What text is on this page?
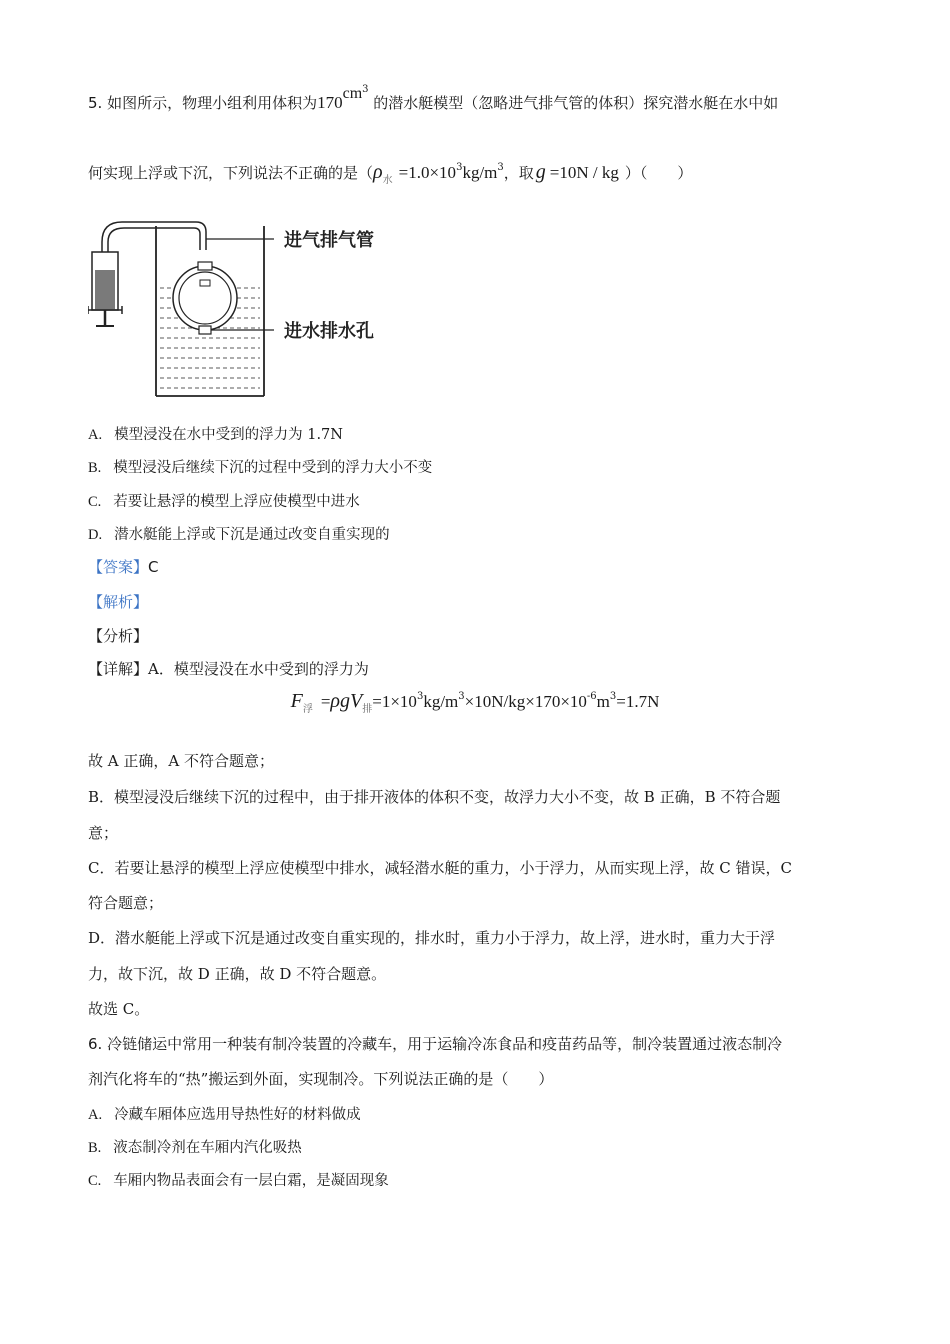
5. 如图所示，物理小组利用体积为$170cm^3$ 的潜水艇模型（忽略进气排气管的体积）探究潜水艇在水中如
何实现上浮或下沉，下列说法不正确的是（$\rho_水 =1.0\times 10^3kg/m^3$，取 g =10N / kg ）（　　）
进气排气管
进水排水孔
A. 模型浸没在水中受到的浮力为 1.7N
B. 模型浸没后继续下沉的过程中受到的浮力大小不变
C. 若要让悬浮的模型上浮应使模型中进水
D. 潜水艇能上浮或下沉是通过改变自重实现的
【答案】C
【解析】
【分析】
【详解】A．模型浸没在水中受到的浮力为
$F_浮 =\rho gV_排=1\times 10^3kg/m^3\times 10N/kg\times 170\times 10^{-6}m^3=1.7N$
故 A 正确，A 不符合题意；
B．模型浸没后继续下沉的过程中，由于排开液体的体积不变，故浮力大小不变，故 B 正确，B 不符合题
意；
C．若要让悬浮的模型上浮应使模型中排水，减轻潜水艇的重力，小于浮力，从而实现上浮，故 C 错误，C
符合题意；
D．潜水艇能上浮或下沉是通过改变自重实现的，排水时，重力小于浮力，故上浮，进水时，重力大于浮
力，故下沉，故 D 正确，故 D 不符合题意。
故选 C。
6. 冷链储运中常用一种装有制冷装置的冷藏车，用于运输冷冻食品和疫苗药品等，制冷装置通过液态制冷
剂汽化将车的“热”搬运到外面，实现制冷。下列说法正确的是（　　）
A. 冷藏车厢体应选用导热性好的材料做成
B. 液态制冷剂在车厢内汽化吸热
C. 车厢内物品表面会有一层白霜，是凝固现象
